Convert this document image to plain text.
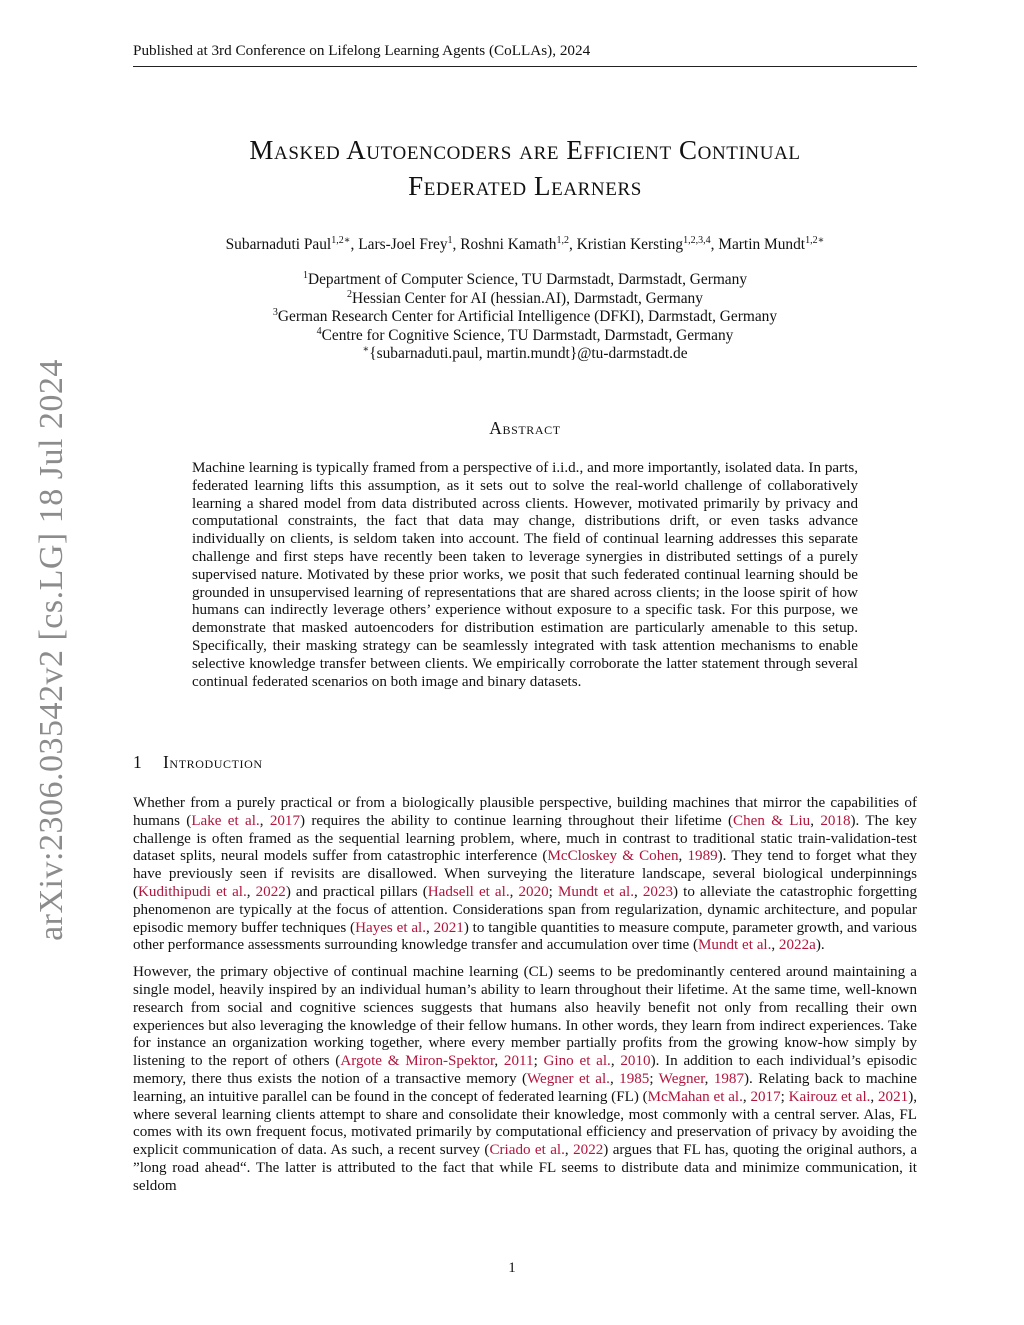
Published at 3rd Conference on Lifelong Learning Agents (CoLLAs), 2024
arXiv:2306.03542v2 [cs.LG] 18 Jul 2024
Masked Autoencoders are Efficient Continual
Federated Learners
Subarnaduti Paul$^{1,2∗}$, Lars-Joel Frey$^1$, Roshni Kamath$^{1,2}$, Kristian Kersting$^{1,2,3,4}$, Martin Mundt$^{1,2∗}$
$^1$Department of Computer Science, TU Darmstadt, Darmstadt, Germany
$^2$Hessian Center for AI (hessian.AI), Darmstadt, Germany
$^3$German Research Center for Artificial Intelligence (DFKI), Darmstadt, Germany
$^4$Centre for Cognitive Science, TU Darmstadt, Darmstadt, Germany
∗{subarnaduti.paul, martin.mundt}@tu-darmstadt.de
Abstract
Machine learning is typically framed from a perspective of i.i.d., and more importantly, isolated data. In parts, federated learning lifts this assumption, as it sets out to solve the real-world challenge of collaboratively learning a shared model from data distributed across clients. However, motivated primarily by privacy and computational constraints, the fact that data may change, distributions drift, or even tasks advance individually on clients, is seldom taken into account. The field of continual learning addresses this separate challenge and first steps have recently been taken to leverage synergies in distributed settings of a purely supervised nature. Motivated by these prior works, we posit that such federated continual learning should be grounded in unsupervised learning of representations that are shared across clients; in the loose spirit of how humans can indirectly leverage others’ experience without exposure to a specific task. For this purpose, we demonstrate that masked autoencoders for distribution estimation are particularly amenable to this setup. Specifically, their masking strategy can be seamlessly integrated with task attention mechanisms to enable selective knowledge transfer between clients. We empirically corroborate the latter statement through several continual federated scenarios on both image and binary datasets.
1 Introduction

Whether from a purely practical or from a biologically plausible perspective, building machines that mirror the capabilities of humans (Lake et al., 2017) requires the ability to continue learning throughout their lifetime (Chen & Liu, 2018). The key challenge is often framed as the sequential learning problem, where, much in contrast to traditional static train-validation-test dataset splits, neural models suffer from catastrophic interference (McCloskey & Cohen, 1989). They tend to forget what they have previously seen if revisits are disallowed. When surveying the literature landscape, several biological underpinnings (Kudithipudi et al., 2022) and practical pillars (Hadsell et al., 2020; Mundt et al., 2023) to alleviate the catastrophic forgetting phenomenon are typically at the focus of attention. Considerations span from regularization, dynamic architecture, and popular episodic memory buffer techniques (Hayes et al., 2021) to tangible quantities to measure compute, parameter growth, and various other performance assessments surrounding knowledge transfer and accumulation over time (Mundt et al., 2022a).

However, the primary objective of continual machine learning (CL) seems to be predominantly centered around maintaining a single model, heavily inspired by an individual human’s ability to learn throughout their lifetime. At the same time, well-known research from social and cognitive sciences suggests that humans also heavily benefit not only from recalling their own experiences but also leveraging the knowledge of their fellow humans. In other words, they learn from indirect experiences. Take for instance an organization working together, where every member partially profits from the growing know-how simply by listening to the report of others (Argote & Miron-Spektor, 2011; Gino et al., 2010). In addition to each individual’s episodic memory, there thus exists the notion of a transactive memory (Wegner et al., 1985; Wegner, 1987). Relating back to machine learning, an intuitive parallel can be found in the concept of federated learning (FL) (McMahan et al., 2017; Kairouz et al., 2021), where several learning clients attempt to share and consolidate their knowledge, most commonly with a central server. Alas, FL comes with its own frequent focus, motivated primarily by computational efficiency and preservation of privacy by avoiding the explicit communication of data. As such, a recent survey (Criado et al., 2022) argues that FL has, quoting the original authors, a ”long road ahead“. The latter is attributed to the fact that while FL seems to distribute data and minimize communication, it seldom

1
